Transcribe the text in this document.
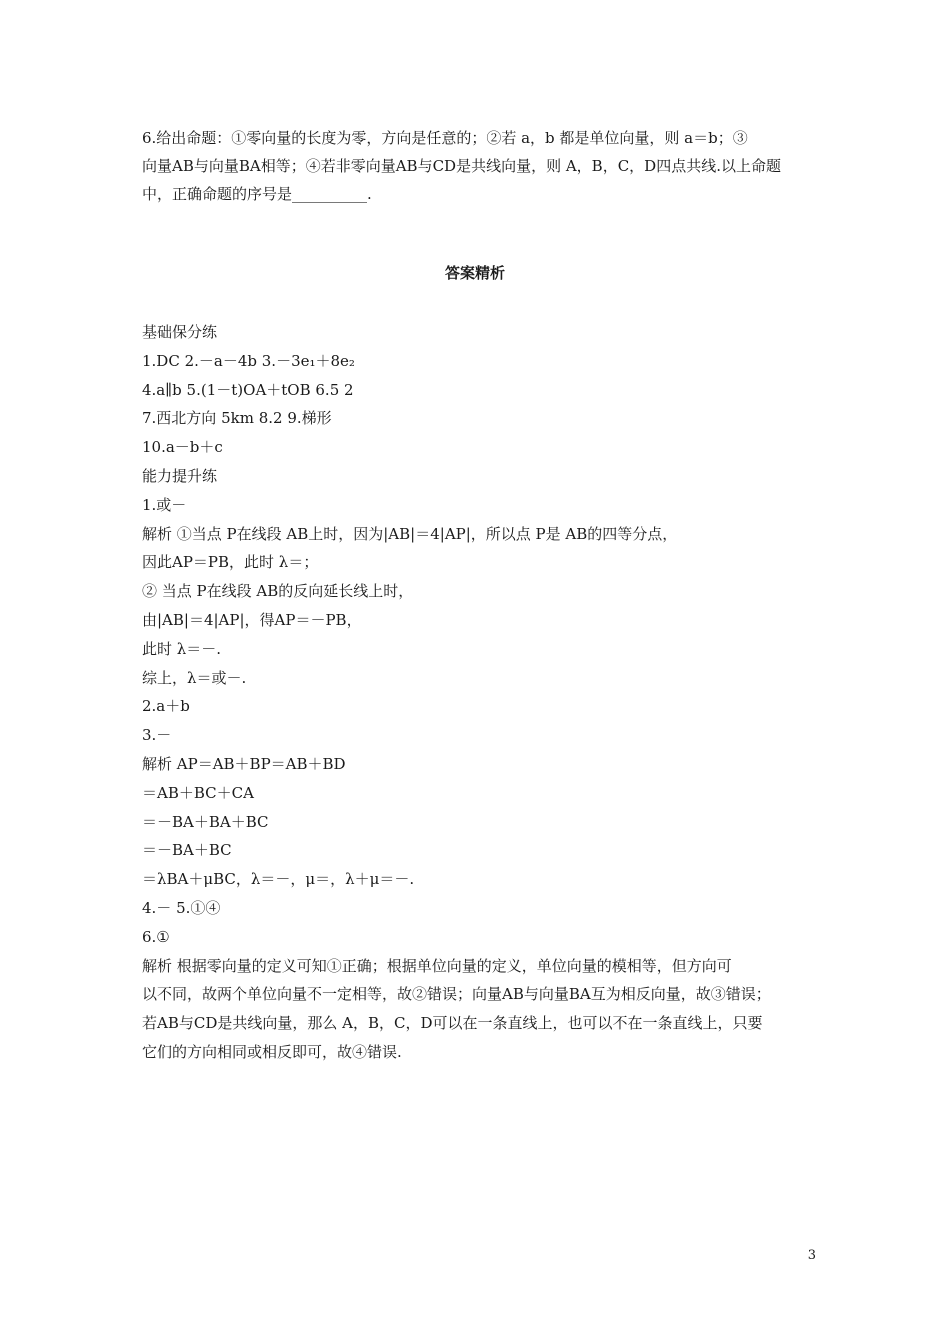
6.给出命题：①零向量的长度为零，方向是任意的；②若 a，b 都是单位向量，则 a＝b；③

向量AB与向量BA相等；④若非零向量AB与CD是共线向量，则 A，B，C，D四点共线.以上命题

中，正确命题的序号是__________.

答案精析

基础保分练

1.DC 2.－a－4b 3.－3e₁＋8e₂

4.a∥b 5.(1－t)OA＋tOB 6.5 2

7.西北方向 5km 8.2 9.梯形

10.a－b＋c

能力提升练

1.或－

解析 ①当点 P在线段 AB上时，因为|AB|＝4|AP|，所以点 P是 AB的四等分点，

因此AP＝PB，此时 λ＝；

② 当点 P在线段 AB的反向延长线上时，

由|AB|＝4|AP|，得AP＝－PB，

此时 λ＝－.

综上，λ＝或－.

2.a＋b

3.－

解析 AP＝AB＋BP＝AB＋BD

＝AB＋BC＋CA

＝－BA＋BA＋BC

＝－BA＋BC

＝λBA＋μBC，λ＝－，μ＝，λ＋μ＝－.

4.－ 5.①④

6.①

解析 根据零向量的定义可知①正确；根据单位向量的定义，单位向量的模相等，但方向可

以不同，故两个单位向量不一定相等，故②错误；向量AB与向量BA互为相反向量，故③错误；

若AB与CD是共线向量，那么 A，B，C，D可以在一条直线上，也可以不在一条直线上，只要

它们的方向相同或相反即可，故④错误.

3
